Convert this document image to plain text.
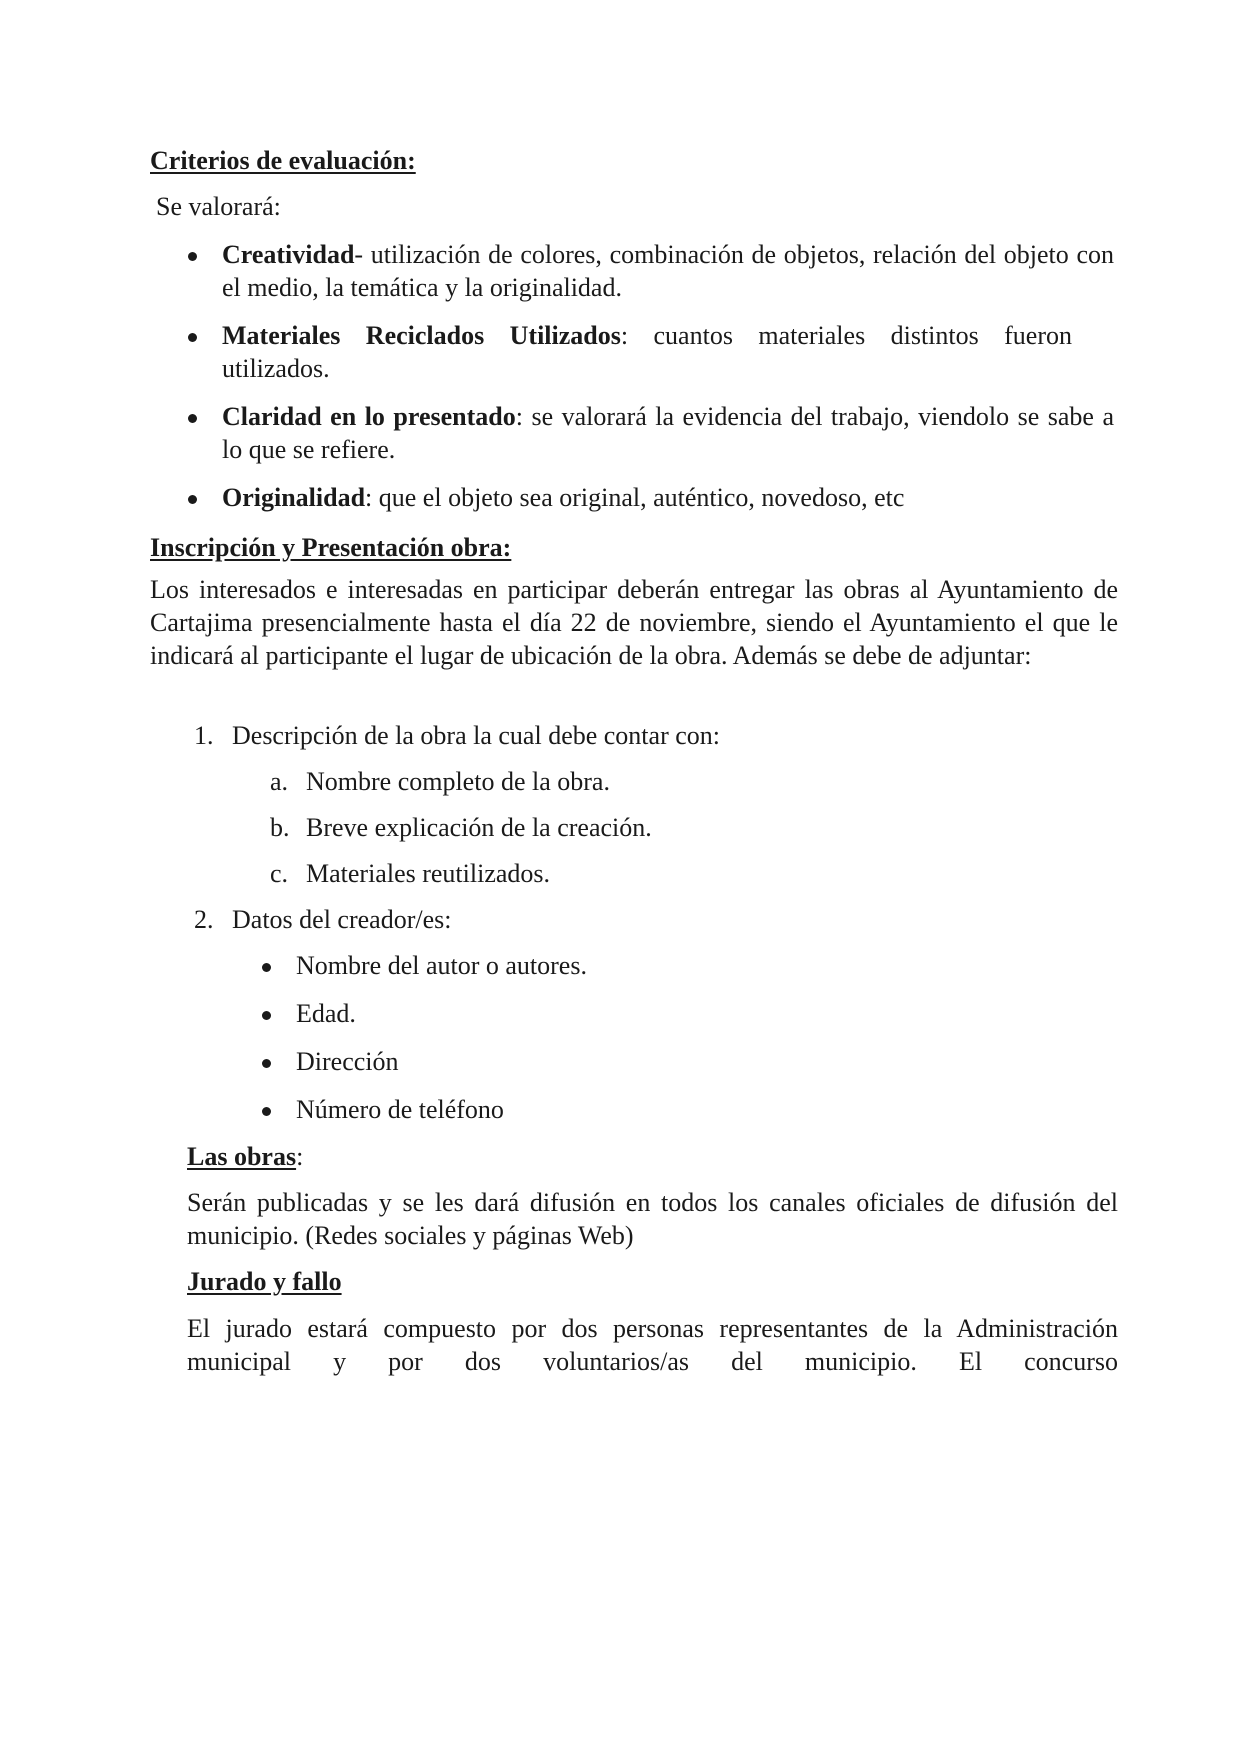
Criterios de evaluación:
Se valorará:
Creatividad- utilización de colores, combinación de objetos, relación del objeto con el medio, la temática y la originalidad.
Materiales Reciclados Utilizados: cuantos materiales distintos fueron utilizados.
Claridad en lo presentado: se valorará la evidencia del trabajo, viendolo se sabe a lo que se refiere.
Originalidad: que el objeto sea original, auténtico, novedoso, etc
Inscripción y Presentación obra:
Los interesados e interesadas en participar deberán entregar las obras al Ayuntamiento de Cartajima presencialmente hasta el día 22 de noviembre, siendo el Ayuntamiento el que le indicará al participante el lugar de ubicación de la obra. Además se debe de adjuntar:
1. Descripción de la obra la cual debe contar con:
a. Nombre completo de la obra.
b. Breve explicación de la creación.
c. Materiales reutilizados.
2. Datos del creador/es:
Nombre del autor o autores.
Edad.
Dirección
Número de teléfono
Las obras:
Serán publicadas y se les dará difusión en todos los canales oficiales de difusión del municipio. (Redes sociales y páginas Web)
Jurado y fallo
El jurado estará compuesto por dos personas representantes de la Administración municipal y por dos voluntarios/as del municipio. El concurso
